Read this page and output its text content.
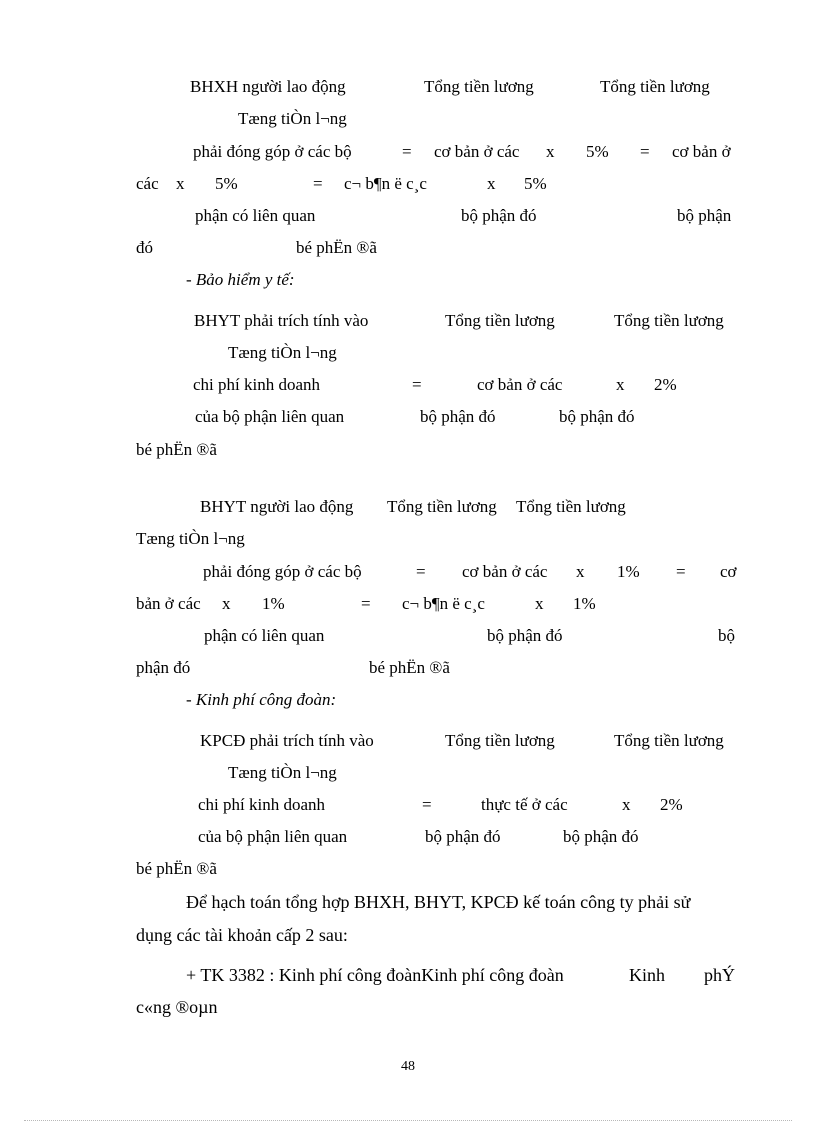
BHXH người lao động	Tổng tiền lương	Tổng tiền lương
Tæng tiÒn l¬ng
phải đóng góp ở các bộ	= cơ bản ở các x 5% = cơ bản ở
các x 5%	= c¬ b¶n ë c¸c	x 5%
phận có liên quan	bộ phận đó	bộ phận
đó	bé phËn ®ã
- Bảo hiểm y tế:
BHYT phải trích tính vào	Tổng tiền lương	Tổng tiền lương
Tæng tiÒn l¬ng
chi phí kinh doanh	=	cơ bản ở các	x 2%
của bộ phận liên quan	bộ phận đó	bộ phận đó
bé phËn ®ã
BHYT người lao động Tổng tiền lương Tổng tiền lương
Tæng tiÒn l¬ng
phải đóng góp ở các bộ	= cơ bản ở các x 1% = cơ
bản ở các x 1%	= c¬ b¶n ë c¸c	x 1%
phận có liên quan	bộ phận đó	bộ
phận đó	bé phËn ®ã
- Kinh phí công đoàn:
KPCĐ phải trích tính vào	Tổng tiền lương	Tổng tiền lương
Tæng tiÒn l¬ng
chi phí kinh doanh	=	thực tế ở các	x 2%
của bộ phận liên quan	bộ phận đó	bộ phận đó
bé phËn ®ã
Để hạch toán tổng hợp BHXH, BHYT, KPCĐ kế toán công ty phải sử
dụng các tài khoản cấp 2 sau:
+ TK 3382 : Kinh phí công đoànKinh phí công đoàn	Kinh phÝ
c«ng ®oµn
48
